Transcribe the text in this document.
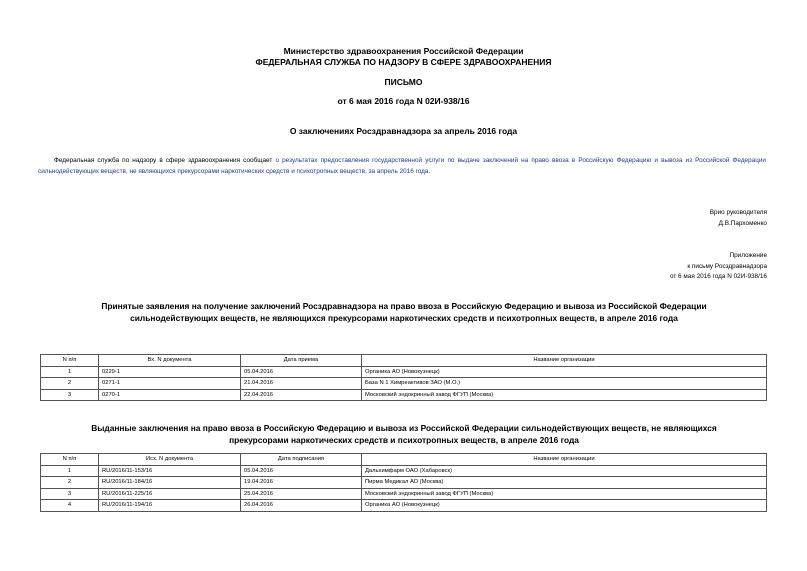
Министерство здравоохранения Российской Федерации
ФЕДЕРАЛЬНАЯ СЛУЖБА ПО НАДЗОРУ В СФЕРЕ ЗДРАВООХРАНЕНИЯ
ПИСЬМО
от 6 мая 2016 года N 02И-938/16
О заключениях Росздравнадзора за апрель 2016 года
Федеральная служба по надзору в сфере здравоохранения сообщает о результатах предоставления государственной услуги по выдаче заключений на право ввоза в Российскую Федерацию и вывоза из Российской Федерации сильнодействующих веществ, не являющихся прекурсорами наркотических средств и психотропных веществ, за апрель 2016 года.
Врио руководителя
Д.В.Пархоменко
Приложение
к письму Росздравнадзора
от 6 мая 2016 года N 02И-938/16
Принятые заявления на получение заключений Росздравнадзора на право ввоза в Российскую Федерацию и вывоза из Российской Федерации
сильнодействующих веществ, не являющихся прекурсорами наркотических средств и психотропных веществ, в апреле 2016 года
N п/п	Вх. N документа	Дата приема	Название организации
1	0229-1	05.04.2016	Органика АО (Новокузнецк)
2	0271-1	21.04.2016	База N 1 Химреактивов ЗАО (М.О.)
3	0270-1	22.04.2016	Московский эндокринный завод ФГУП (Москва)
Выданные заключения на право ввоза в Российскую Федерацию и вывоза из Российской Федерации сильнодействующих веществ, не являющихся
прекурсорами наркотических средств и психотропных веществ, в апреле 2016 года
N п/п	Исх. N документа	Дата подписания	Название организации
1	RU/2016/11-153/16	05.04.2016	Дальхимфарм ОАО (Хабаровск)
2	RU/2016/11-184/16	19.04.2016	Пирма Медикал АО (Москва)
3	RU/2016/11-225/16	25.04.2016	Московский эндокринный завод ФГУП (Москва)
4	RU/2016/11-194/16	26.04.2016	Органика АО (Новокузнецк)
